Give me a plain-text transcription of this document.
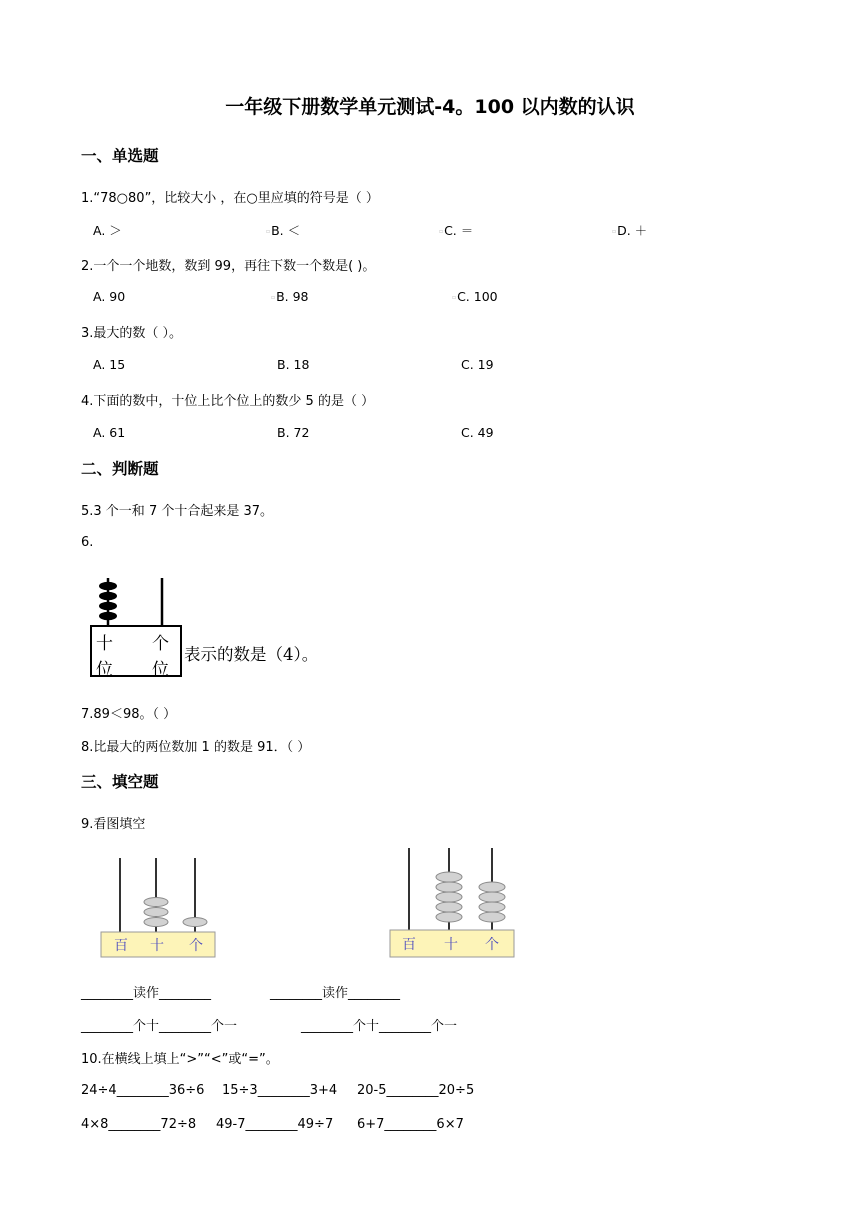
一年级下册数学单元测试-4。100 以内数的认识
一、单选题
1.“78○80”，比较大小 ，在○里应填的符号是（ ）
A. ＞	▫B. ＜	▫C. ＝	▫D. ＋
2.一个一个地数，数到 99，再往下数一个数是( )。
A. 90	▫B. 98	▫C. 100
3.最大的数（ ）。
A. 15	B. 18	C. 19
4.下面的数中，十位上比个位上的数少 5 的是（ ）
A. 61	B. 72	C. 49
二、判断题
5.3 个一和 7 个十合起来是 37。
6.
十
位
个
位
表示的数是（4）。
7.89＜98。（ ）
8.比最大的两位数加 1 的数是 91．（ ）
三、填空题
9.看图填空
百 十 个	百 十 个
________读作________	________读作________
________个十________个一	________个十________个一
10.在横线上填上“>”“<”或“=”。
24÷4________36÷6 15÷3________3+4 20-5________20÷5
4×8________72÷8 49-7________49÷7 6+7________6×7
